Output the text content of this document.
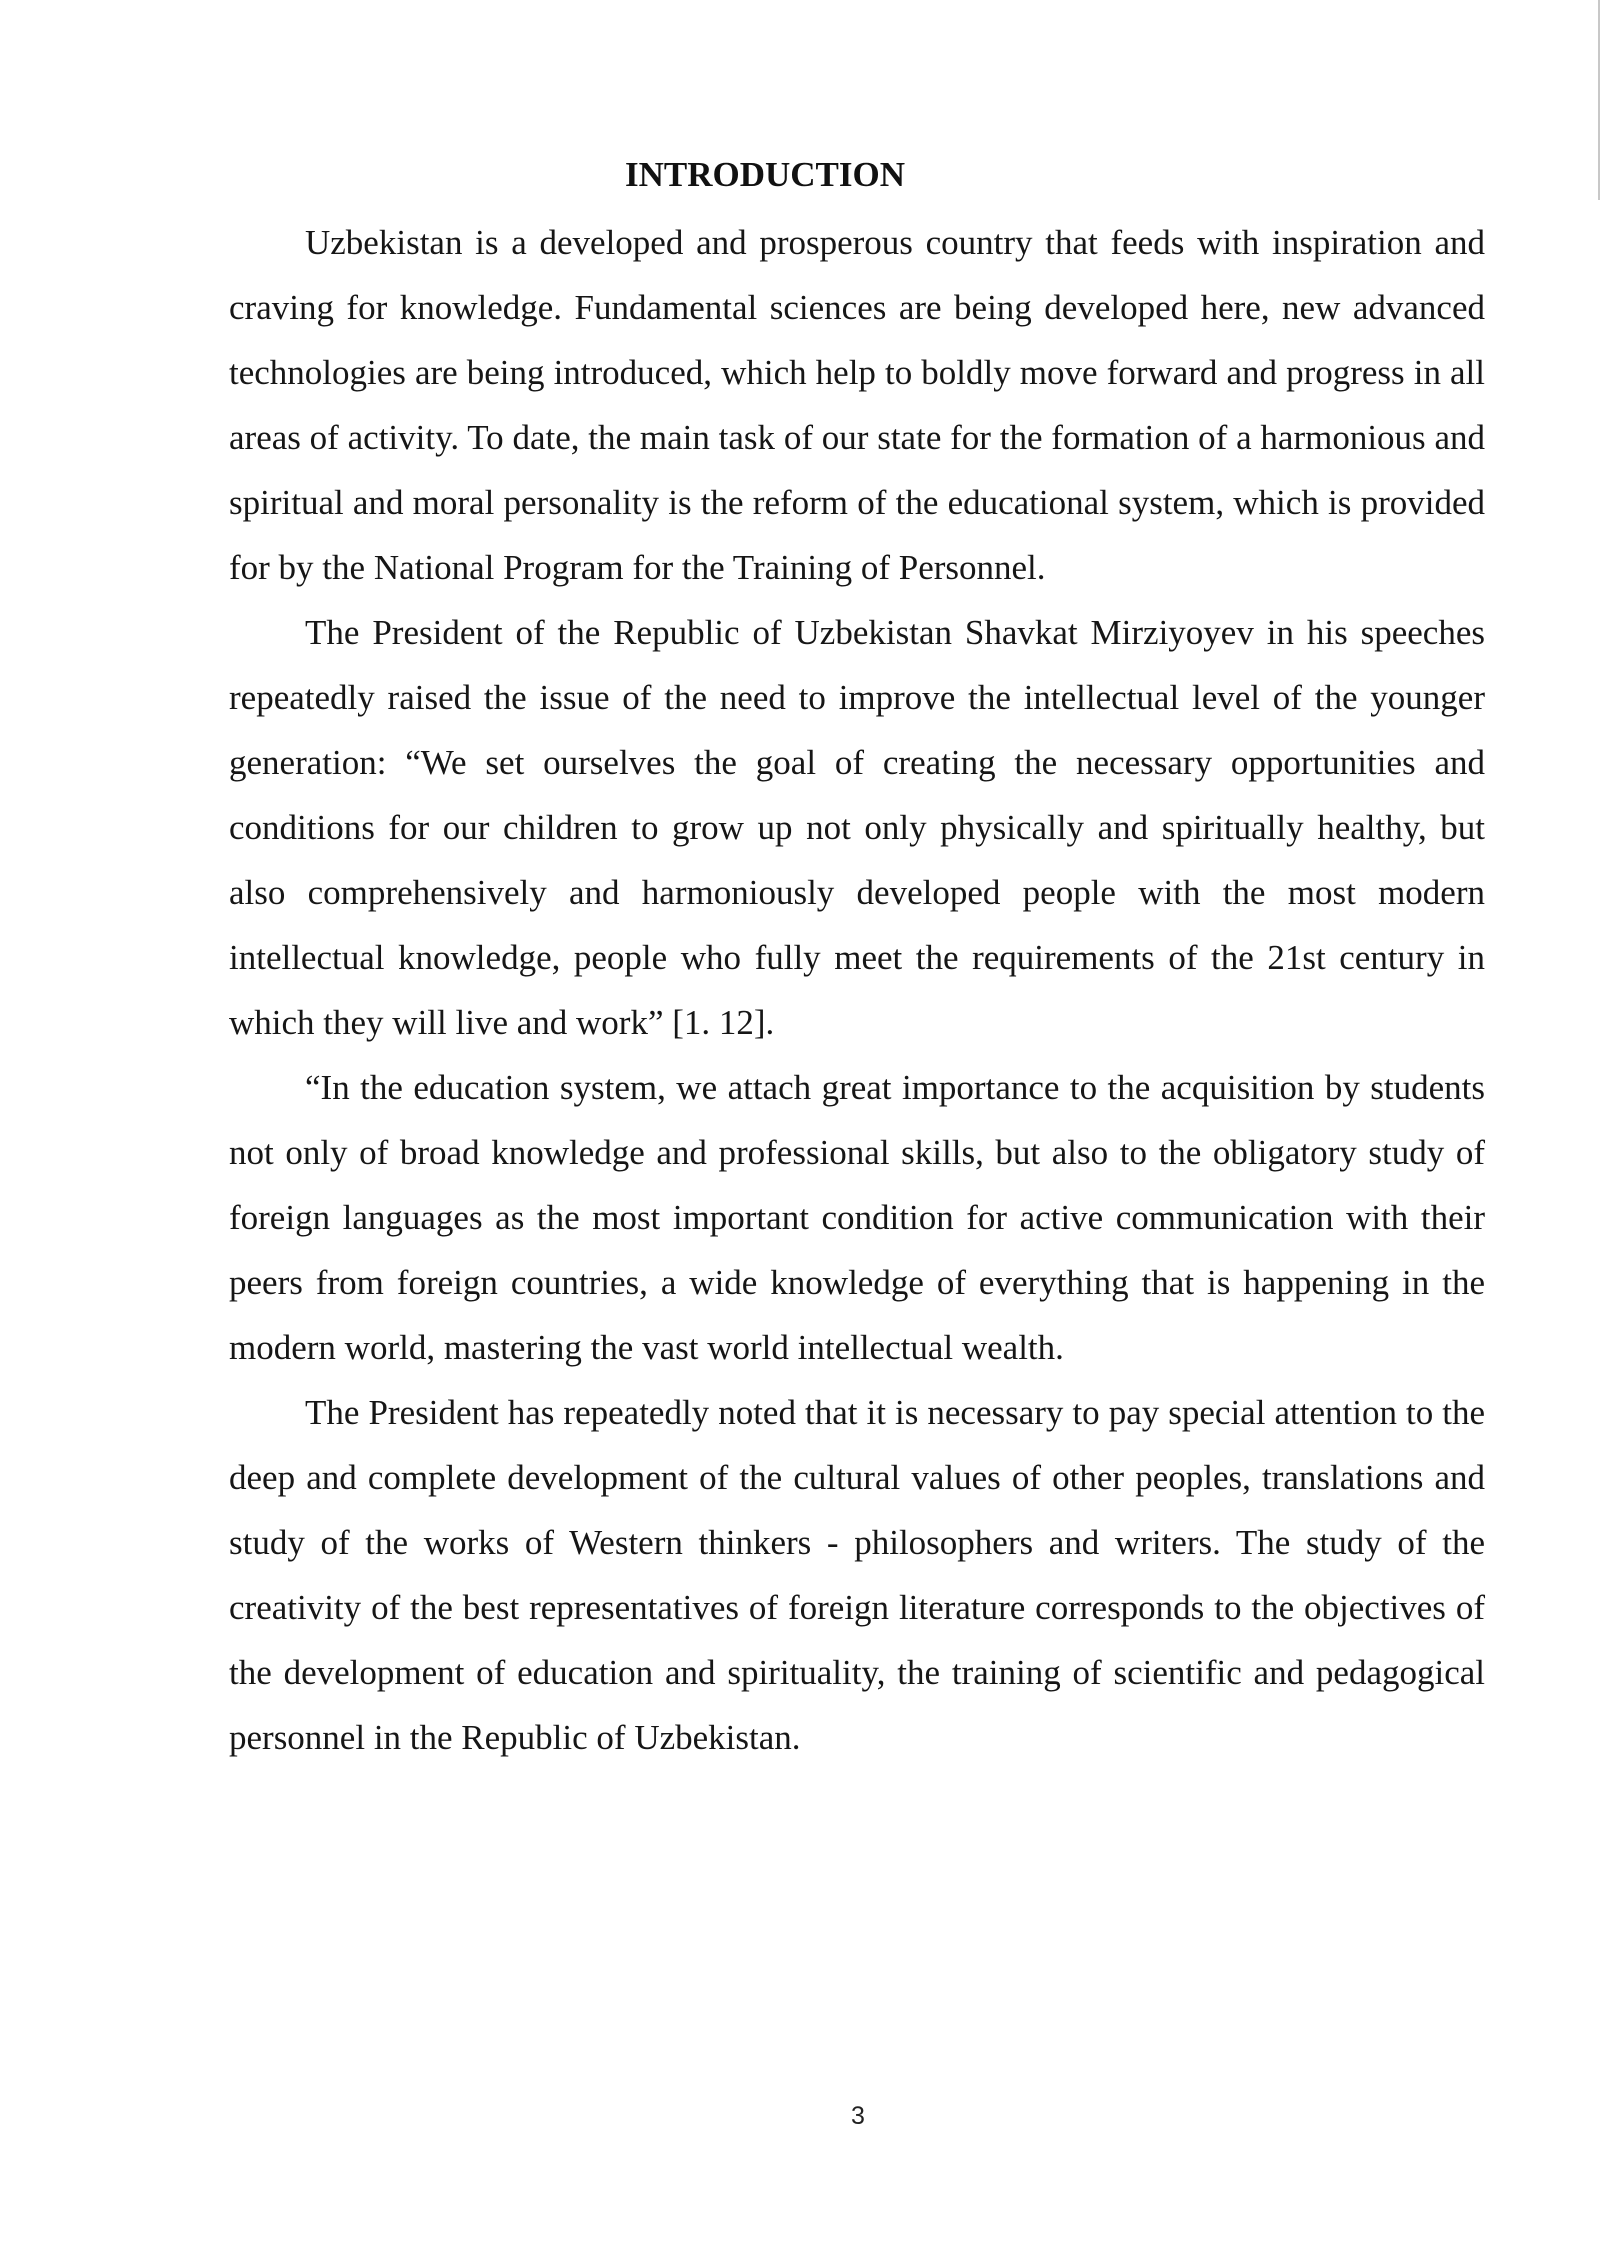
INTRODUCTION

Uzbekistan is a developed and prosperous country that feeds with inspiration and craving for knowledge. Fundamental sciences are being developed here, new advanced technologies are being introduced, which help to boldly move forward and progress in all areas of activity. To date, the main task of our state for the formation of a harmonious and spiritual and moral personality is the reform of the educational system, which is provided for by the National Program for the Training of Personnel.

The President of the Republic of Uzbekistan Shavkat Mirziyoyev in his speeches repeatedly raised the issue of the need to improve the intellectual level of the younger generation: “We set ourselves the goal of creating the necessary opportunities and conditions for our children to grow up not only physically and spiritually healthy, but also comprehensively and harmoniously developed people with the most modern intellectual knowledge, people who fully meet the requirements of the 21st century in which they will live and work” [1. 12].

“In the education system, we attach great importance to the acquisition by students not only of broad knowledge and professional skills, but also to the obligatory study of foreign languages as the most important condition for active communication with their peers from foreign countries, a wide knowledge of everything that is happening in the modern world, mastering the vast world intellectual wealth.

The President has repeatedly noted that it is necessary to pay special attention to the deep and complete development of the cultural values of other peoples, translations and study of the works of Western thinkers - philosophers and writers. The study of the creativity of the best representatives of foreign literature corresponds to the objectives of the development of education and spirituality, the training of scientific and pedagogical personnel in the Republic of Uzbekistan.

3
